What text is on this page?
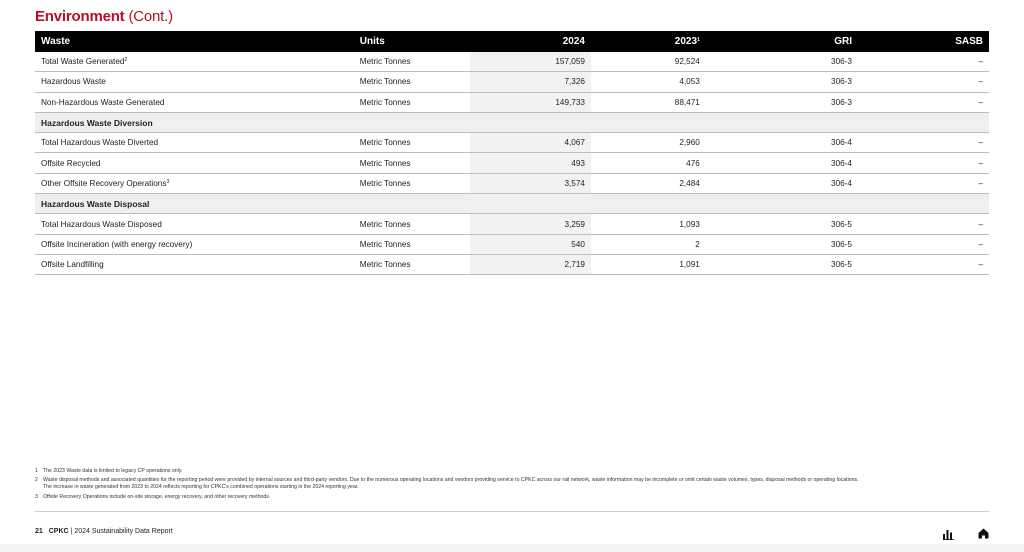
Environment (Cont.)
Waste	Units	2024	2023$^1$	GRI	SASB
Total Waste Generated$^2$	Metric Tonnes	157,059	92,524	306-3	–
Hazardous Waste	Metric Tonnes	7,326	4,053	306-3	–
Non-Hazardous Waste Generated	Metric Tonnes	149,733	88,471	306-3	–
Hazardous Waste Diversion					
Total Hazardous Waste Diverted	Metric Tonnes	4,067	2,960	306-4	–
Offsite Recycled	Metric Tonnes	493	476	306-4	–
Other Offsite Recovery Operations$^3$	Metric Tonnes	3,574	2,484	306-4	–
Hazardous Waste Disposal					
Total Hazardous Waste Disposed	Metric Tonnes	3,259	1,093	306-5	–
Offsite Incineration (with energy recovery)	Metric Tonnes	540	2	306-5	–
Offsite Landfilling	Metric Tonnes	2,719	1,091	306-5	–
1 The 2023 Waste data is limited to legacy CP operations only.
2 Waste disposal methods and associated quantities for the reporting period were provided by internal sources and third-party vendors. Due to the numerous operating locations and vendors providing service to CPKC across our rail network, waste information may be incomplete or omit certain waste volumes, types, disposal methods or operating locations.
The increase in waste generated from 2023 to 2024 reflects reporting for CPKC's combined operations starting in the 2024 reporting year.
3 Offsite Recovery Operations include on-site storage, energy recovery, and other recovery methods.
21 CPKC | 2024 Sustainability Data Report
